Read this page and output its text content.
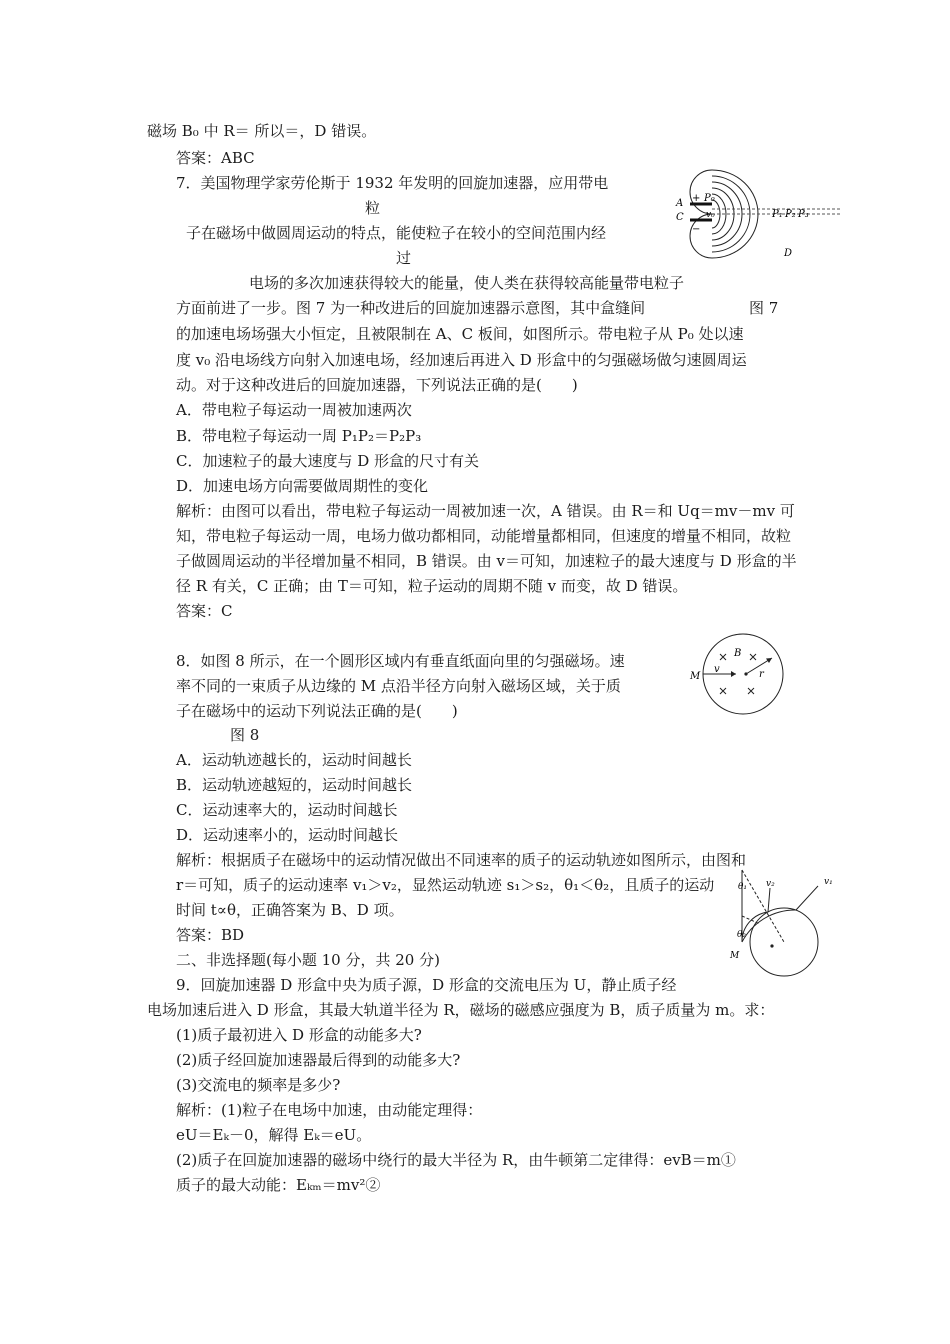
磁场 B₀ 中 R＝ 所以＝，D 错误。
答案：ABC
7．美国物理学家劳伦斯于 1932 年发明的回旋加速器，应用带电
粒
子在磁场中做圆周运动的特点，能使粒子在较小的空间范围内经
过
电场的多次加速获得较大的能量，使人类在获得较高能量带电粒子
方面前进了一步。图 7 为一种改进后的回旋加速器示意图，其中盒缝间	图 7
的加速电场场强大小恒定，且被限制在 A、C 板间，如图所示。带电粒子从 P₀ 处以速
度 v₀ 沿电场线方向射入加速电场，经加速后再进入 D 形盒中的匀强磁场做匀速圆周运
动。对于这种改进后的回旋加速器，下列说法正确的是(　　)
A．带电粒子每运动一周被加速两次
B．带电粒子每运动一周 P₁P₂＝P₂P₃
C．加速粒子的最大速度与 D 形盒的尺寸有关
D．加速电场方向需要做周期性的变化
解析：由图可以看出，带电粒子每运动一周被加速一次，A 错误。由 R＝和 Uq＝mv－mv 可
知，带电粒子每运动一周，电场力做功都相同，动能增量都相同，但速度的增量不相同，故粒
子做圆周运动的半径增加量不相同，B 错误。由 v＝可知，加速粒子的最大速度与 D 形盒的半
径 R 有关，C 正确；由 T＝可知，粒子运动的周期不随 v 而变，故 D 错误。
答案：C
8．如图 8 所示，在一个圆形区域内有垂直纸面向里的匀强磁场。速
率不同的一束质子从边缘的 M 点沿半径方向射入磁场区域，关于质
子在磁场中的运动下列说法正确的是(　　)
图 8
A．运动轨迹越长的，运动时间越长
B．运动轨迹越短的，运动时间越长
C．运动速率大的，运动时间越长
D．运动速率小的，运动时间越长
解析：根据质子在磁场中的运动情况做出不同速率的质子的运动轨迹如图所示，由图和
r＝可知，质子的运动速率 v₁＞v₂，显然运动轨迹 s₁＞s₂，θ₁＜θ₂，且质子的运动
时间 t∝θ，正确答案为 B、D 项。
答案：BD
二、非选择题(每小题 10 分，共 20 分)
9．回旋加速器 D 形盒中央为质子源，D 形盒的交流电压为 U，静止质子经
电场加速后进入 D 形盒，其最大轨道半径为 R，磁场的磁感应强度为 B，质子质量为 m。求：
(1)质子最初进入 D 形盒的动能多大?
(2)质子经回旋加速器最后得到的动能多大?
(3)交流电的频率是多少?
解析：(1)粒子在电场中加速，由动能定理得：
eU＝Eₖ－0，解得 Eₖ＝eU。
(2)质子在回旋加速器的磁场中绕行的最大半径为 R，由牛顿第二定律得：evB＝m①
质子的最大动能：Eₖₘ＝mv²②
A
C
+
−
P₀
v₀	P₁ P₂ P₃
D
M
v
B
r
θ₁
θ₂
v₂	v₁
M
